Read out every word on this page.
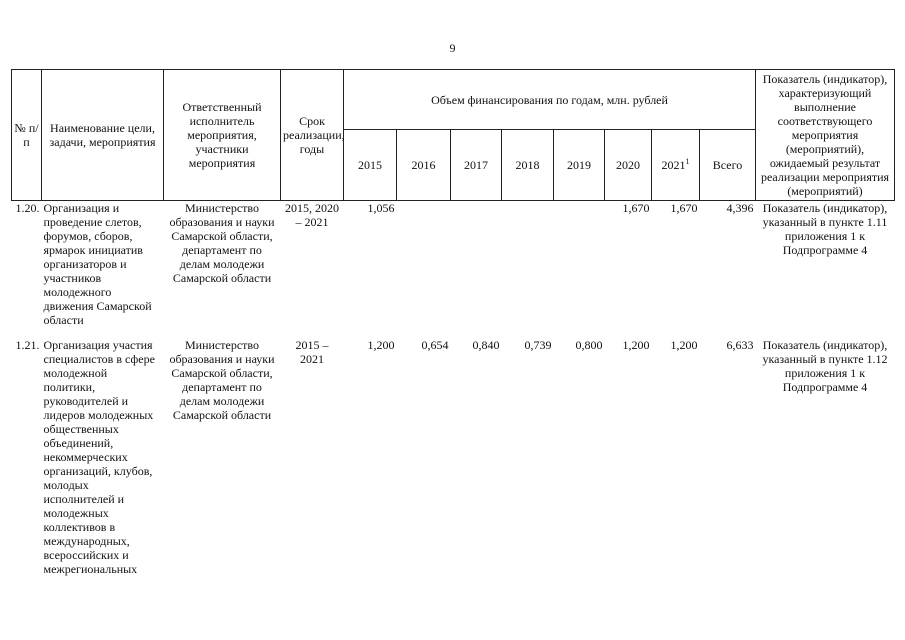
9
№ п/п	Наименование цели, задачи, мероприятия	Ответственный исполнитель мероприятия, участники мероприятия	Срок реализации, годы	Объем финансирования по годам, млн. рублей								Показатель (индикатор), характеризующий выполнение соответствующего мероприятия (мероприятий), ожидаемый результат реализации мероприятия (мероприятий)
				2015	2016	2017	2018	2019	2020	2021$^1$	Всего	
1.20.	Организация и проведение слетов, форумов, сборов, ярмарок инициатив организаторов и участников молодежного движения Самарской области	Министерство образования и науки Самарской области, департамент по делам молодежи Самарской области	2015, 2020 – 2021	1,056					1,670	1,670	4,396	Показатель (индикатор), указанный в пункте 1.11 приложения 1 к Подпрограмме 4

1.21.	Организация участия специалистов в сфере молодежной политики, руководителей и лидеров молодежных общественных объединений, некоммерческих организаций, клубов, молодых исполнителей и молодежных коллективов в международных, всероссийских и межрегиональных	Министерство образования и науки Самарской области, департамент по делам молодежи Самарской области	2015 – 2021	1,200	0,654	0,840	0,739	0,800	1,200	1,200	6,633	Показатель (индикатор), указанный в пункте 1.12 приложения 1 к Подпрограмме 4
